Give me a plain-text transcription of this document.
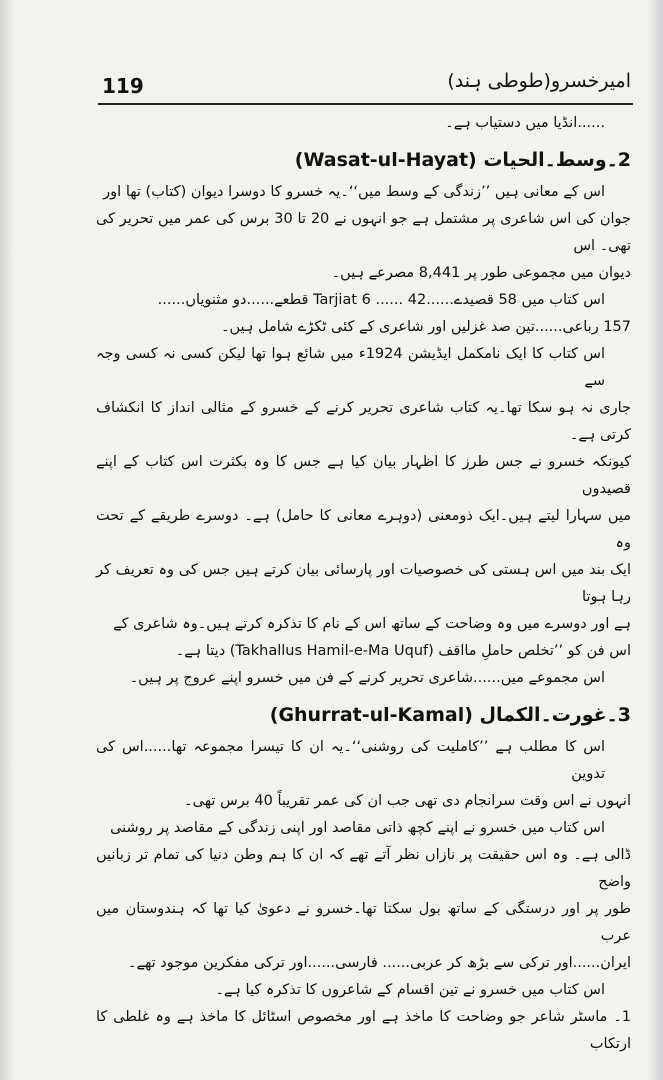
119	امیرخسرو(طوطی ہند)
......انڈیا میں دستیاب ہے۔
2۔وسط۔الحیات (Wasat-ul-Hayat)
اس کے معانی ہیں ’’زندگی کے وسط میں‘‘۔یہ خسرو کا دوسرا دیوان (کتاب) تھا اور
جوان کی اس شاعری پر مشتمل ہے جو انہوں نے 20 تا 30 برس کی عمر میں تحریر کی تھی۔ اس
دیوان میں مجموعی طور پر 8,441 مصرعے ہیں۔
اس کتاب میں 58 قصیدے......Tarjiat 6 ...... 42 قطعے......دو مثنویاں......
157 رباعی......تین صد غزلیں اور شاعری کے کئی ٹکڑے شامل ہیں۔
اس کتاب کا ایک نامکمل ایڈیشن 1924ء میں شائع ہوا تھا لیکن کسی نہ کسی وجہ سے
جاری نہ ہو سکا تھا۔یہ کتاب شاعری تحریر کرنے کے خسرو کے مثالی انداز کا انکشاف کرتی ہے۔
کیونکہ خسرو نے جس طرز کا اظہار بیان کیا ہے جس کا وہ بکثرت اس کتاب کے اپنے قصیدوں
میں سہارا لیتے ہیں۔ایک ذومعنی (دوہرے معانی کا حامل) ہے۔ دوسرے طریقے کے تحت وہ
ایک بند میں اس ہستی کی خصوصیات اور پارسائی بیان کرتے ہیں جس کی وہ تعریف کر رہا ہوتا
ہے اور دوسرے میں وہ وضاحت کے ساتھ اس کے نام کا تذکرہ کرتے ہیں۔وہ شاعری کے
اس فن کو ’’تخلص حاملِ مااقف (Takhallus Hamil-e-Ma Uquf) دیتا ہے۔
اس مجموعے میں......شاعری تحریر کرنے کے فن میں خسرو اپنے عروج پر ہیں۔
3۔غورت۔الکمال (Ghurrat-ul-Kamal)
اس کا مطلب ہے ’’کاملیت کی روشنی‘‘۔یہ ان کا تیسرا مجموعہ تھا......اس کی تدوین
انہوں نے اس وقت سرانجام دی تھی جب ان کی عمر تقریباً 40 برس تھی۔
اس کتاب میں خسرو نے اپنے کچھ ذاتی مقاصد اور اپنی زندگی کے مقاصد پر روشنی
ڈالی ہے۔ وہ اس حقیقت پر نازاں نظر آتے تھے کہ ان کا ہم وطن دنیا کی تمام تر زبانیں واضح
طور پر اور درستگی کے ساتھ بول سکتا تھا۔خسرو نے دعویٰ کیا تھا کہ ہندوستان میں عرب
ایران......اور ترکی سے بڑھ کر عربی...... فارسی......اور ترکی مفکرین موجود تھے۔
اس کتاب میں خسرو نے تین اقسام کے شاعروں کا تذکرہ کیا ہے۔
1۔ ماسٹر شاعر جو وضاحت کا ماخذ ہے اور مخصوص اسٹائل کا ماخذ ہے وہ غلطی کا ارتکاب
